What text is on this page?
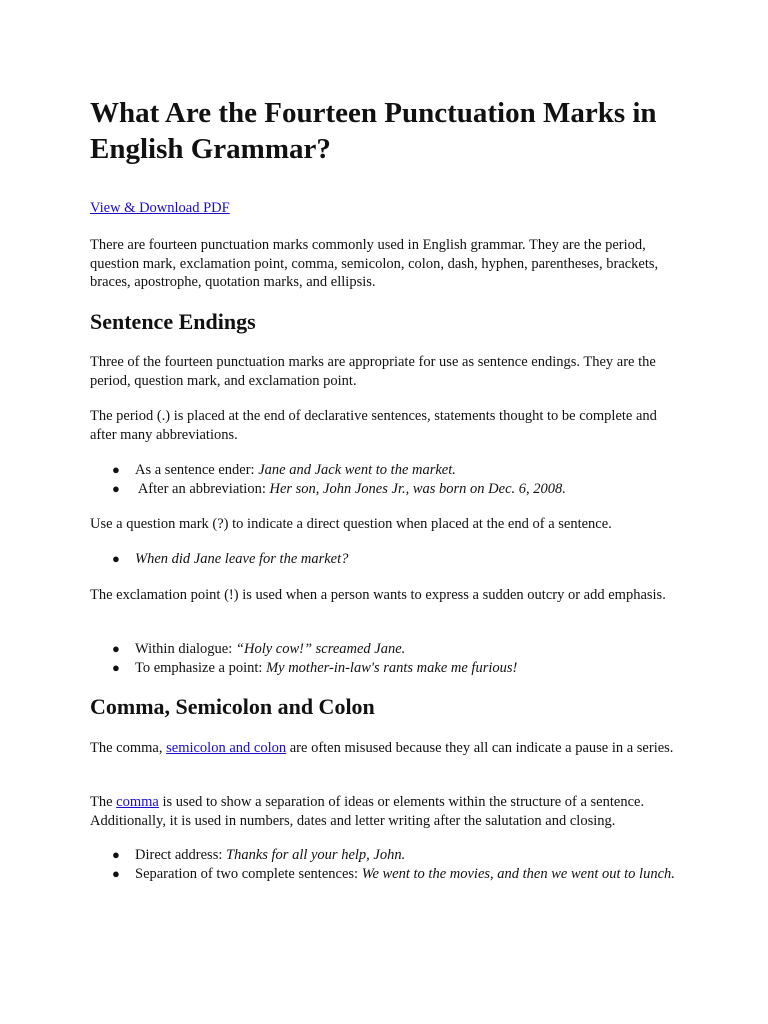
What Are the Fourteen Punctuation Marks in English Grammar?
View & Download PDF

There are fourteen punctuation marks commonly used in English grammar. They are the period, question mark, exclamation point, comma, semicolon, colon, dash, hyphen, parentheses, brackets, braces, apostrophe, quotation marks, and ellipsis.

Sentence Endings

Three of the fourteen punctuation marks are appropriate for use as sentence endings. They are the period, question mark, and exclamation point.

The period (.) is placed at the end of declarative sentences, statements thought to be complete and after many abbreviations.

● As a sentence ender: Jane and Jack went to the market.
● After an abbreviation: Her son, John Jones Jr., was born on Dec. 6, 2008.

Use a question mark (?) to indicate a direct question when placed at the end of a sentence.

● When did Jane leave for the market?

The exclamation point (!) is used when a person wants to express a sudden outcry or add emphasis.

● Within dialogue: “Holy cow!” screamed Jane.
● To emphasize a point: My mother-in-law's rants make me furious!
Comma, Semicolon and Colon

The comma, semicolon and colon are often misused because they all can indicate a pause in a series.

The comma is used to show a separation of ideas or elements within the structure of a sentence. Additionally, it is used in numbers, dates and letter writing after the salutation and closing.

● Direct address: Thanks for all your help, John.
● Separation of two complete sentences: We went to the movies, and then we went out to lunch.
